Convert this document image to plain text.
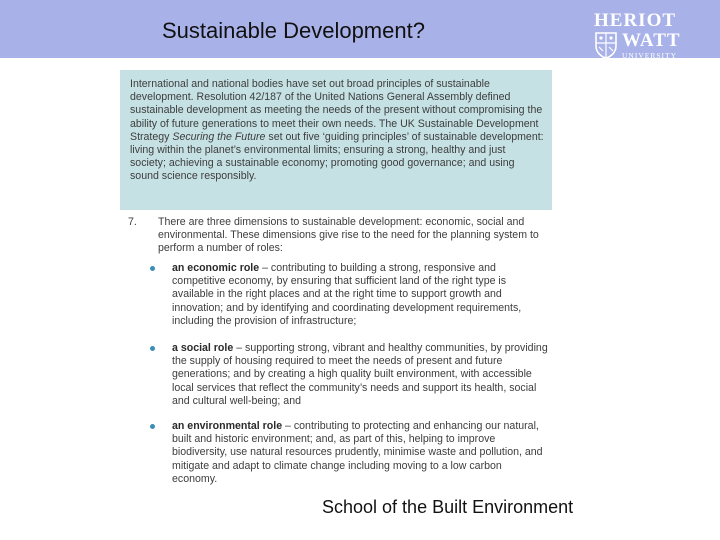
Sustainable Development?	HERIOT
WATT
UNIVERSITY
International and national bodies have set out broad principles of sustainable development. Resolution 42/187 of the United Nations General Assembly defined sustainable development as meeting the needs of the present without compromising the ability of future generations to meet their own needs. The UK Sustainable Development Strategy Securing the Future set out five ‘guiding principles’ of sustainable development: living within the planet’s environmental limits; ensuring a strong, healthy and just society; achieving a sustainable economy; promoting good governance; and using sound science responsibly.
7. There are three dimensions to sustainable development: economic, social and environmental. These dimensions give rise to the need for the planning system to perform a number of roles:
an economic role – contributing to building a strong, responsive and competitive economy, by ensuring that sufficient land of the right type is available in the right places and at the right time to support growth and innovation; and by identifying and coordinating development requirements, including the provision of infrastructure;
a social role – supporting strong, vibrant and healthy communities, by providing the supply of housing required to meet the needs of present and future generations; and by creating a high quality built environment, with accessible local services that reflect the community’s needs and support its health, social and cultural well-being; and
an environmental role – contributing to protecting and enhancing our natural, built and historic environment; and, as part of this, helping to improve biodiversity, use natural resources prudently, minimise waste and pollution, and mitigate and adapt to climate change including moving to a low carbon economy.
School of the Built Environment
